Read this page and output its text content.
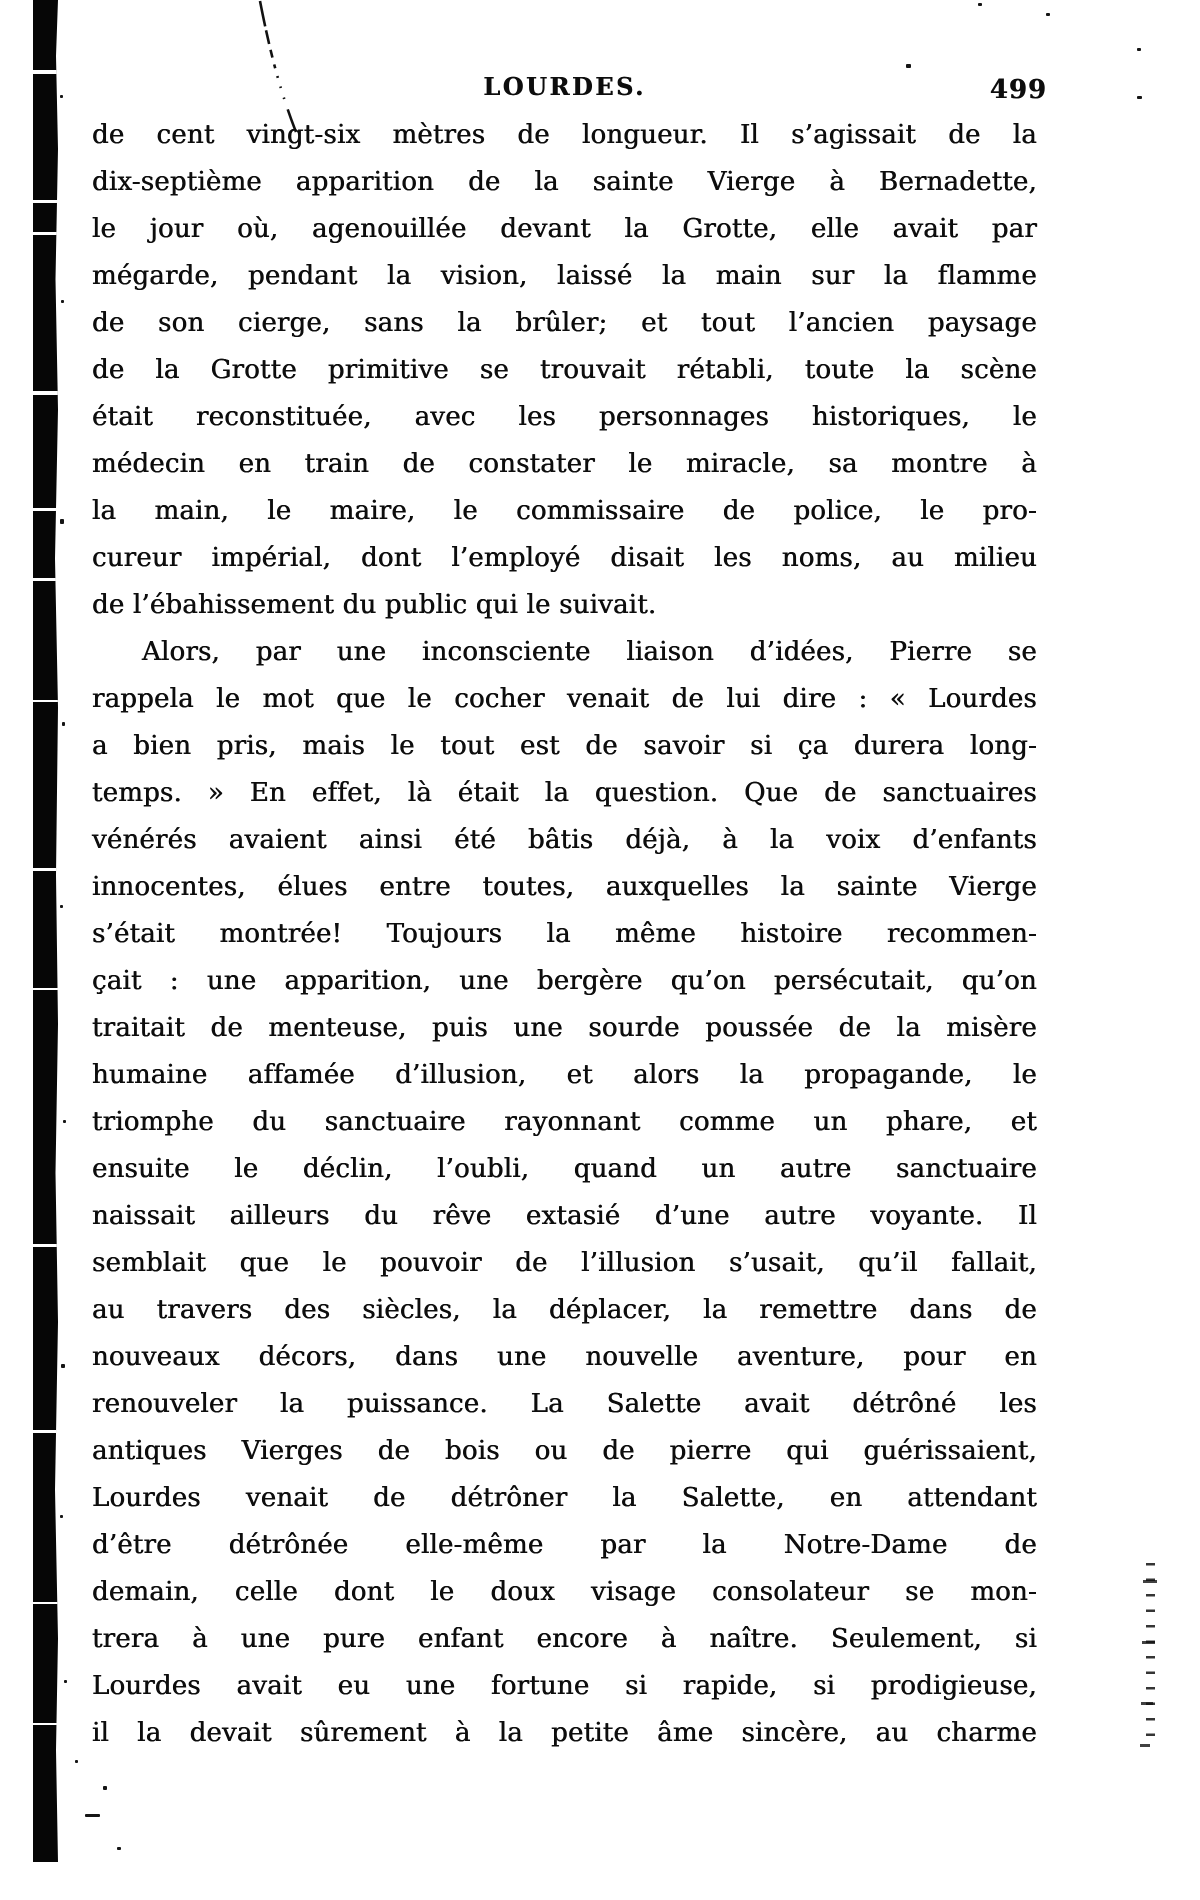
LOURDES.	499
de cent vingt-six mètres de longueur. Il s’agissait de la
dix-septième apparition de la sainte Vierge à Bernadette,
le jour où, agenouillée devant la Grotte, elle avait par
mégarde, pendant la vision, laissé la main sur la flamme
de son cierge, sans la brûler; et tout l’ancien paysage
de la Grotte primitive se trouvait rétabli, toute la scène
était reconstituée, avec les personnages historiques, le
médecin en train de constater le miracle, sa montre à
la main, le maire, le commissaire de police, le pro-
cureur impérial, dont l’employé disait les noms, au milieu
de l’ébahissement du public qui le suivait.
Alors, par une inconsciente liaison d’idées, Pierre se
rappela le mot que le cocher venait de lui dire : « Lourdes
a bien pris, mais le tout est de savoir si ça durera long-
temps. » En effet, là était la question. Que de sanctuaires
vénérés avaient ainsi été bâtis déjà, à la voix d’enfants
innocentes, élues entre toutes, auxquelles la sainte Vierge
s’était montrée! Toujours la même histoire recommen-
çait : une apparition, une bergère qu’on persécutait, qu’on
traitait de menteuse, puis une sourde poussée de la misère
humaine affamée d’illusion, et alors la propagande, le
triomphe du sanctuaire rayonnant comme un phare, et
ensuite le déclin, l’oubli, quand un autre sanctuaire
naissait ailleurs du rêve extasié d’une autre voyante. Il
semblait que le pouvoir de l’illusion s’usait, qu’il fallait,
au travers des siècles, la déplacer, la remettre dans de
nouveaux décors, dans une nouvelle aventure, pour en
renouveler la puissance. La Salette avait détrôné les
antiques Vierges de bois ou de pierre qui guérissaient,
Lourdes venait de détrôner la Salette, en attendant
d’être détrônée elle-même par la Notre-Dame de
demain, celle dont le doux visage consolateur se mon-
trera à une pure enfant encore à naître. Seulement, si
Lourdes avait eu une fortune si rapide, si prodigieuse,
il la devait sûrement à la petite âme sincère, au charme
